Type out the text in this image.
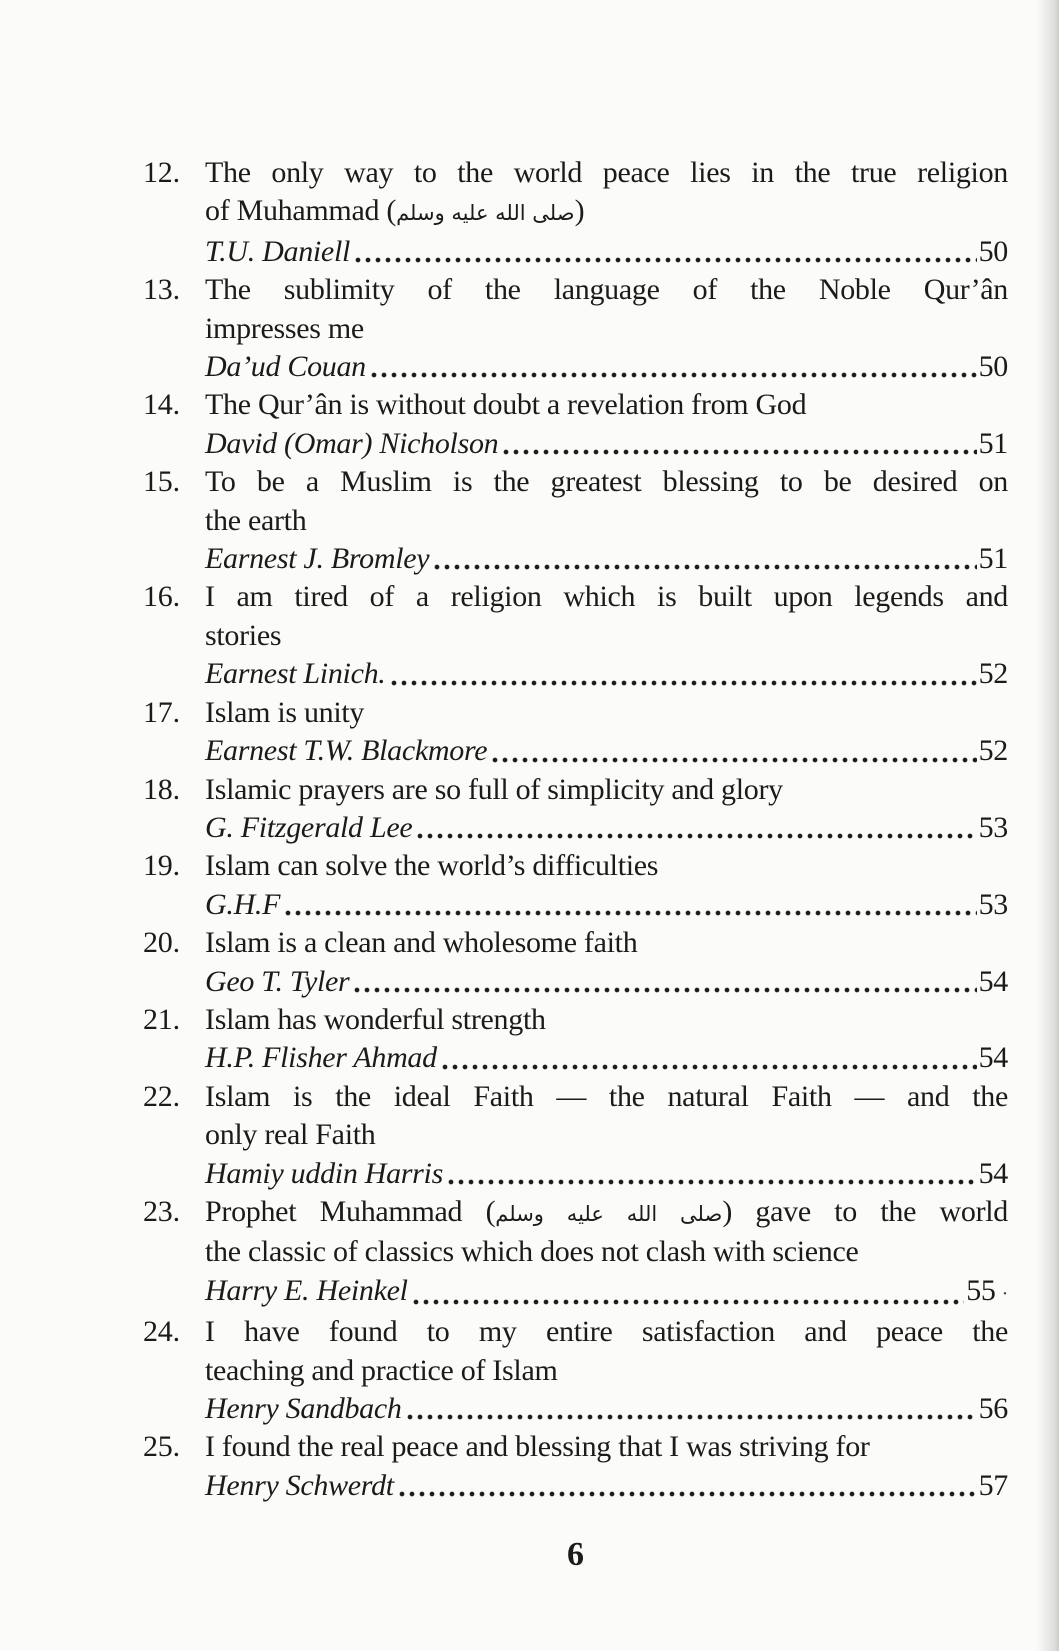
12. The only way to the world peace lies in the true religion
of Muhammad (صلى الله عليه وسلم)
T.U. Daniell	50
13. The sublimity of the language of the Noble Qur’ân
impresses me
Da’ud Couan	50
14. The Qur’ân is without doubt a revelation from God
David (Omar) Nicholson	51
15. To be a Muslim is the greatest blessing to be desired on
the earth
Earnest J. Bromley	51
16. I am tired of a religion which is built upon legends and
stories
Earnest Linich.	52
17. Islam is unity
Earnest T.W. Blackmore	52
18. Islamic prayers are so full of simplicity and glory
G. Fitzgerald Lee	53
19. Islam can solve the world’s difficulties
G.H.F	53
20. Islam is a clean and wholesome faith
Geo T. Tyler	54
21. Islam has wonderful strength
H.P. Flisher Ahmad	54
22. Islam is the ideal Faith — the natural Faith — and the
only real Faith
Hamiy uddin Harris	54
23. Prophet Muhammad (صلى الله عليه وسلم) gave to the world
the classic of classics which does not clash with science
Harry E. Heinkel	55 ·
24. I have found to my entire satisfaction and peace the
teaching and practice of Islam
Henry Sandbach	56
25. I found the real peace and blessing that I was striving for
Henry Schwerdt	57
6
